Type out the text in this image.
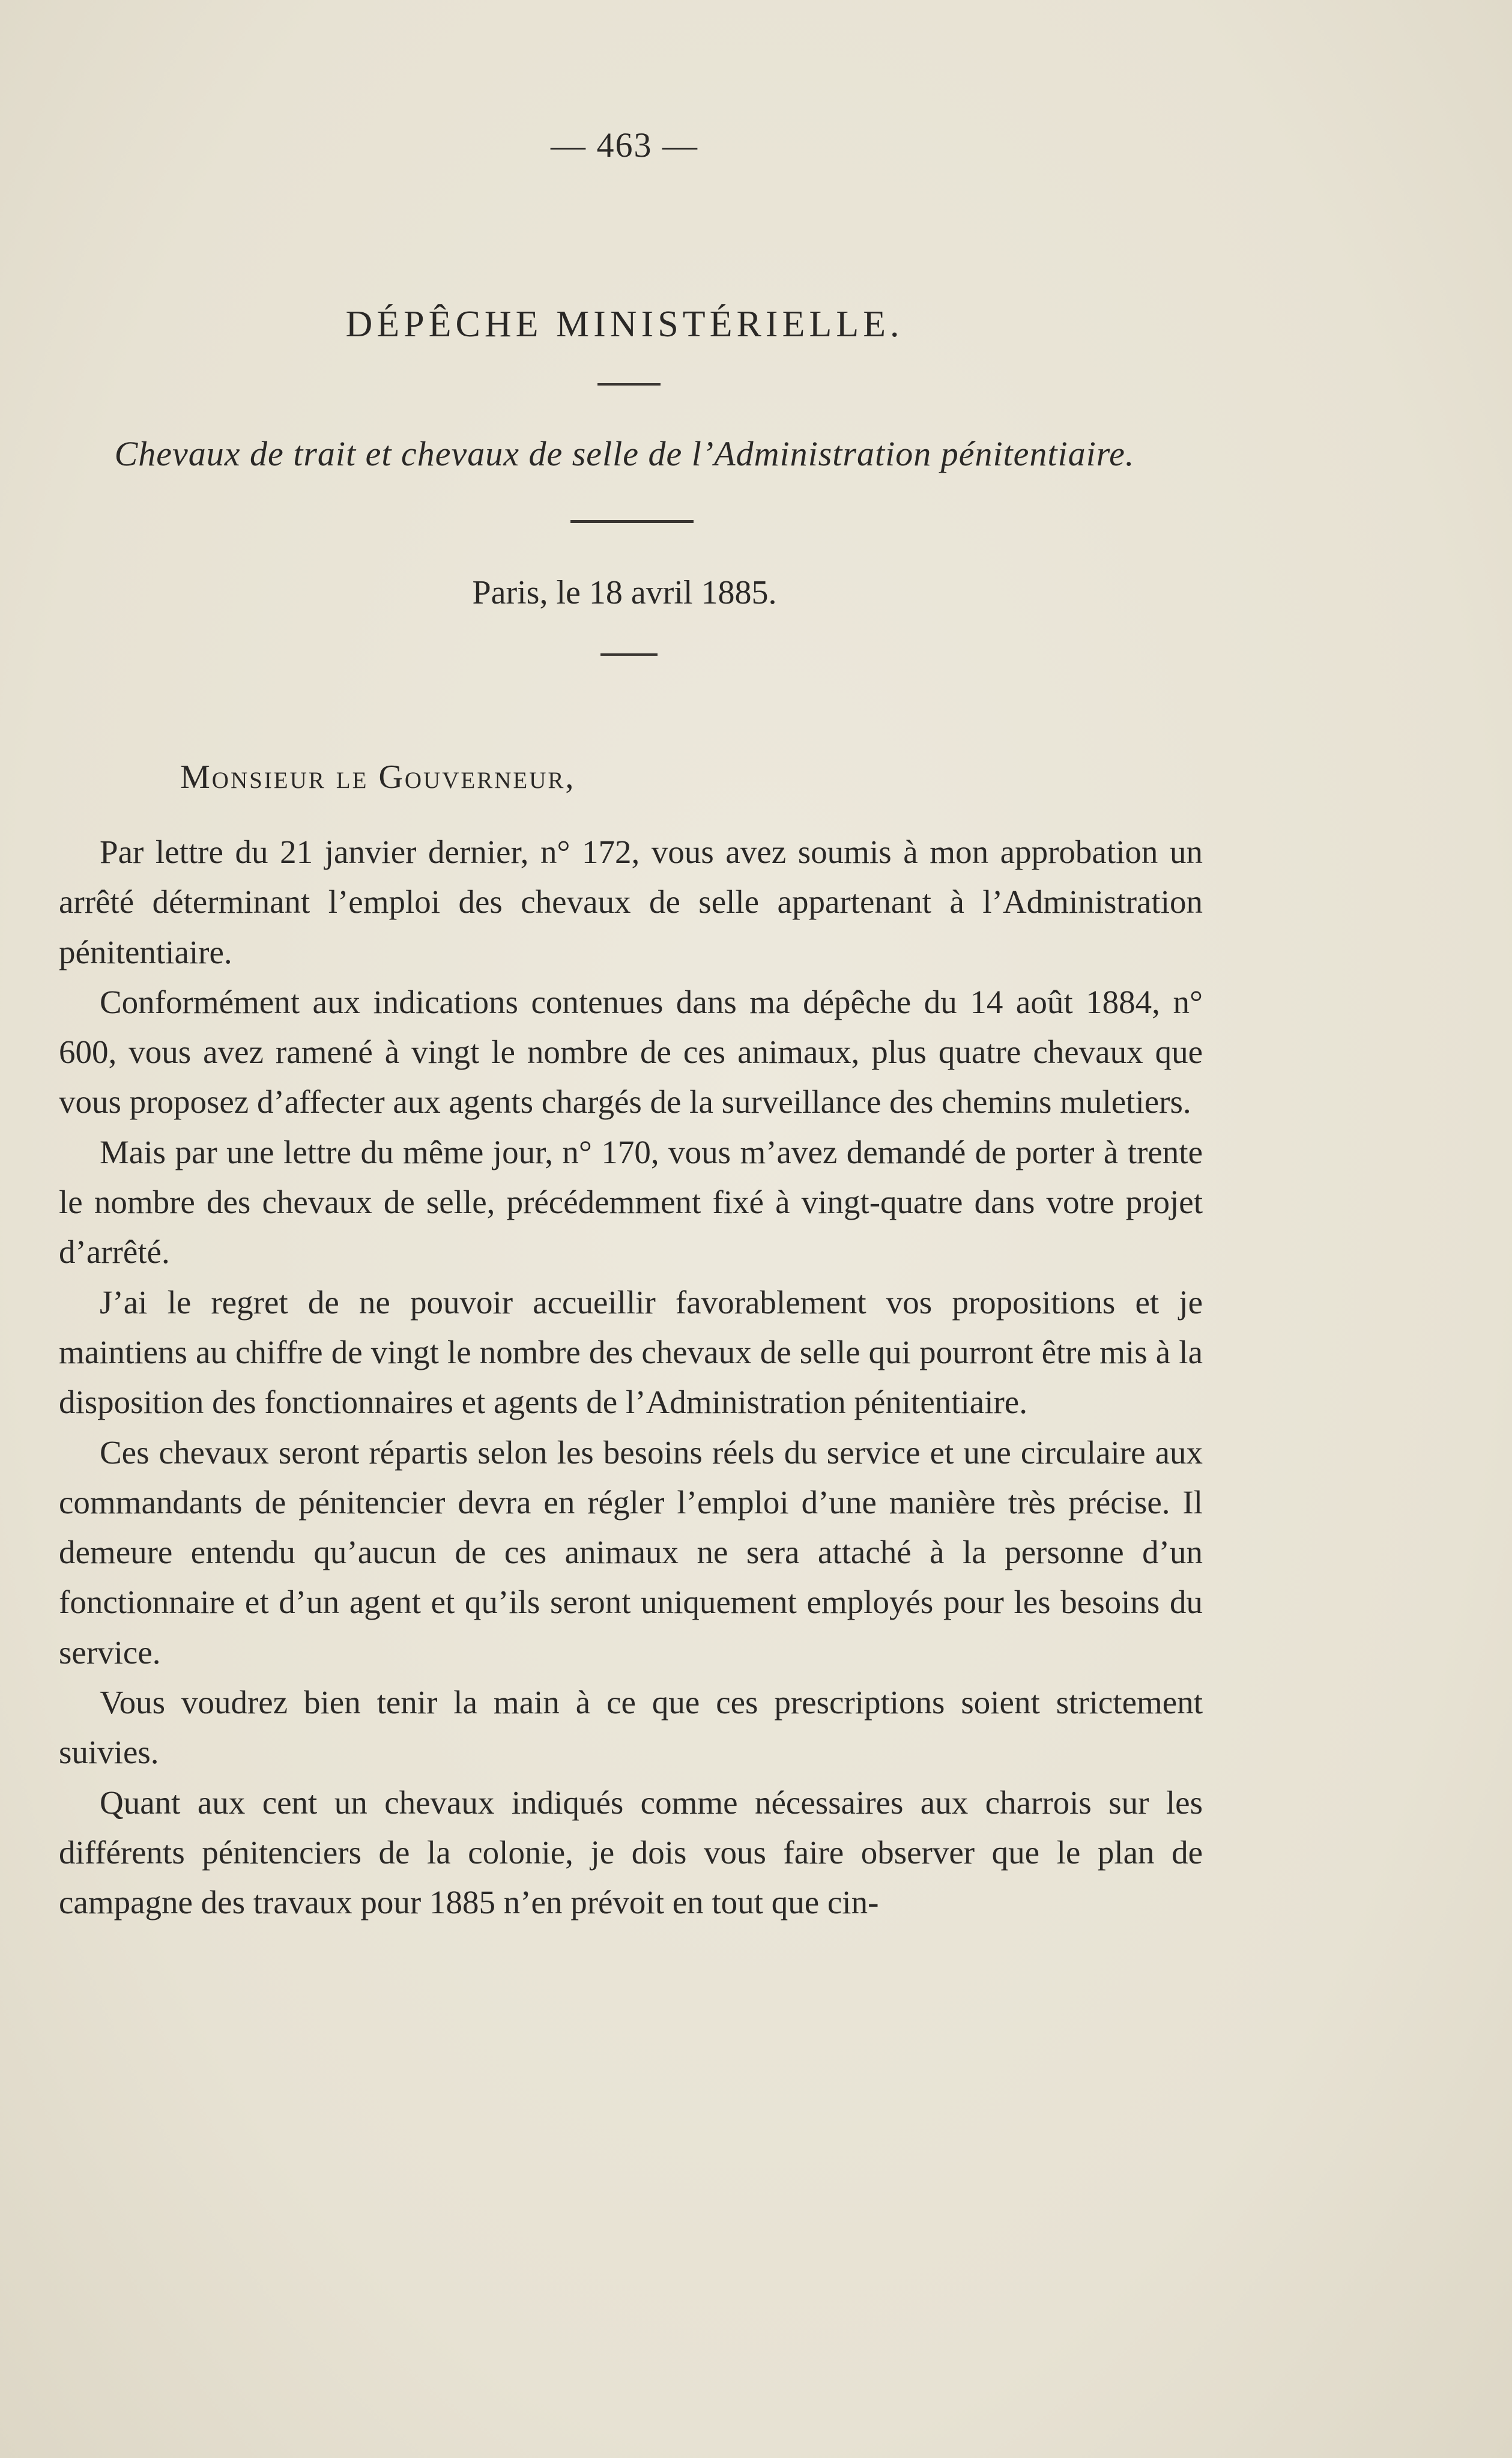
— 463 —
DÉPÊCHE MINISTÉRIELLE.
Chevaux de trait et chevaux de selle de l’Administration pénitentiaire.
Paris, le 18 avril 1885.
Monsieur le Gouverneur,

Par lettre du 21 janvier dernier, n° 172, vous avez soumis à mon approbation un arrêté déterminant l’emploi des chevaux de selle appartenant à l’Administration pénitentiaire.

Conformément aux indications contenues dans ma dépêche du 14 août 1884, n° 600, vous avez ramené à vingt le nombre de ces animaux, plus quatre chevaux que vous proposez d’affecter aux agents chargés de la surveillance des chemins muletiers.

Mais par une lettre du même jour, n° 170, vous m’avez demandé de porter à trente le nombre des chevaux de selle, précédemment fixé à vingt-quatre dans votre projet d’arrêté.

J’ai le regret de ne pouvoir accueillir favorablement vos propositions et je maintiens au chiffre de vingt le nombre des chevaux de selle qui pourront être mis à la disposition des fonctionnaires et agents de l’Administration pénitentiaire.

Ces chevaux seront répartis selon les besoins réels du service et une circulaire aux commandants de pénitencier devra en régler l’emploi d’une manière très précise. Il demeure entendu qu’aucun de ces animaux ne sera attaché à la personne d’un fonctionnaire et d’un agent et qu’ils seront uniquement employés pour les besoins du service.

Vous voudrez bien tenir la main à ce que ces prescriptions soient strictement suivies.

Quant aux cent un chevaux indiqués comme nécessaires aux charrois sur les différents pénitenciers de la colonie, je dois vous faire observer que le plan de campagne des travaux pour 1885 n’en prévoit en tout que cin-
